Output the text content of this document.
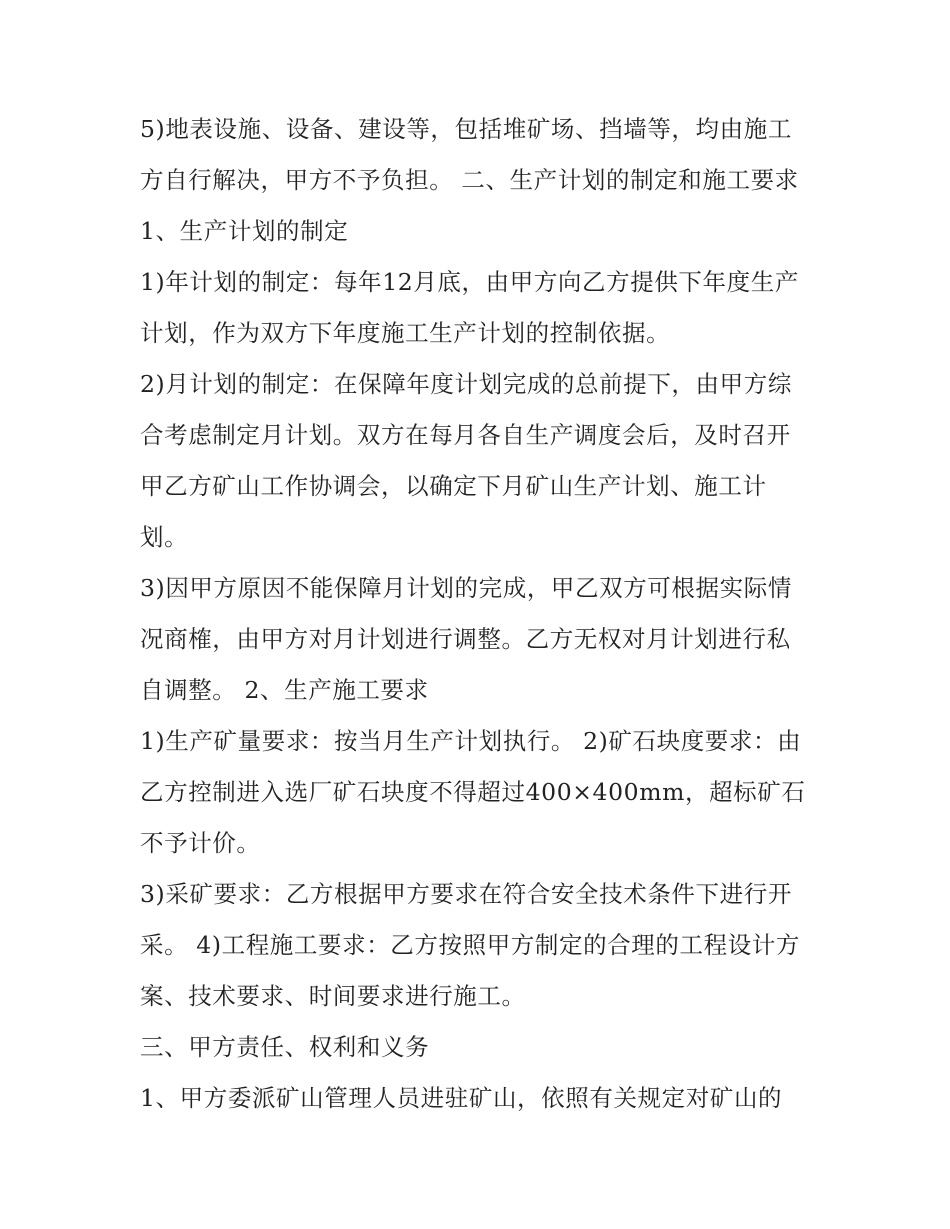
5)地表设施、设备、建设等，包括堆矿场、挡墙等，均由施工方自行解决，甲方不予负担。 二、生产计划的制定和施工要求 1、生产计划的制定

1)年计划的制定：每年12月底，由甲方向乙方提供下年度生产计划，作为双方下年度施工生产计划的控制依据。

2)月计划的制定：在保障年度计划完成的总前提下，由甲方综合考虑制定月计划。双方在每月各自生产调度会后，及时召开甲乙方矿山工作协调会，以确定下月矿山生产计划、施工计划。

3)因甲方原因不能保障月计划的完成，甲乙双方可根据实际情况商榷，由甲方对月计划进行调整。乙方无权对月计划进行私自调整。 2、生产施工要求

1)生产矿量要求：按当月生产计划执行。 2)矿石块度要求：由乙方控制进入选厂矿石块度不得超过400×400mm，超标矿石不予计价。

3)采矿要求：乙方根据甲方要求在符合安全技术条件下进行开采。 4)工程施工要求：乙方按照甲方制定的合理的工程设计方案、技术要求、时间要求进行施工。

三、甲方责任、权利和义务

1、甲方委派矿山管理人员进驻矿山，依照有关规定对矿山的
